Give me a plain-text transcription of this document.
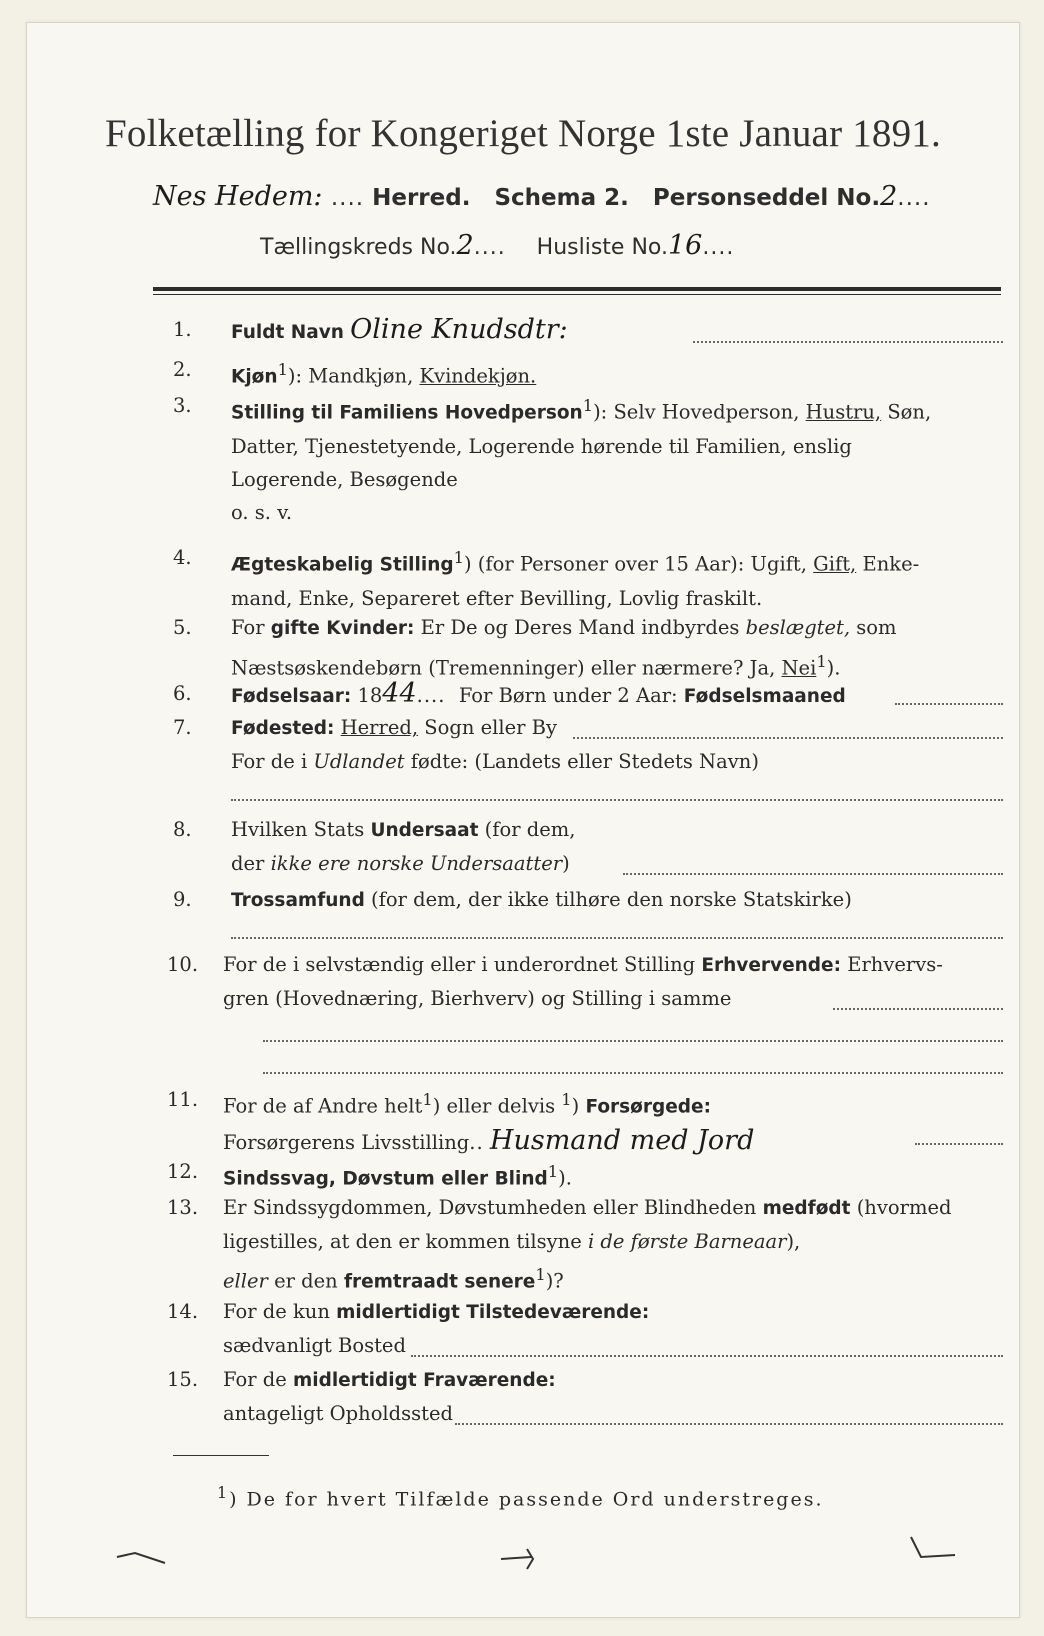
Folketælling for Kongeriget Norge 1ste Januar 1891.
Nes Hedem: .... Herred. Schema 2. Personseddel No.2....
Tællingskreds No.2....    Husliste No.16....
1.	Fuldt Navn Oline Knudsdtr:
2.	Kjøn$^1$): Mandkjøn, Kvindekjøn.
3.	Stilling til Familiens Hovedperson$^1$): Selv Hovedperson, Hustru, Søn,
Datter, Tjenestetyende, Logerende hørende til Familien, enslig
Logerende, Besøgende
o. s. v.
4.	Ægteskabelig Stilling$^1$) (for Personer over 15 Aar): Ugift, Gift, Enke-
mand, Enke, Separeret efter Bevilling, Lovlig fraskilt.
5.	For gifte Kvinder: Er De og Deres Mand indbyrdes beslægtet, som
Næstsøskendebørn (Tremenninger) eller nærmere? Ja, Nei$^1$).
6.	Fødselsaar: 1844....  For Børn under 2 Aar: Fødselsmaaned
7.	Fødested: Herred, Sogn eller By
For de i Udlandet fødte: (Landets eller Stedets Navn)
8.	Hvilken Stats Undersaat (for dem,
der ikke ere norske Undersaatter)
9.	Trossamfund (for dem, der ikke tilhøre den norske Statskirke)
10.	For de i selvstændig eller i underordnet Stilling Erhvervende: Erhvervs-
gren (Hovednæring, Bierhverv) og Stilling i samme
11.	For de af Andre helt$^1$) eller delvis $^1$) Forsørgede:
Forsørgerens Livsstilling.. Husmand med Jord
12.	Sindssvag, Døvstum eller Blind$^1$).
13.	Er Sindssygdommen, Døvstumheden eller Blindheden medfødt (hvormed
ligestilles, at den er kommen tilsyne i de første Barneaar),
eller er den fremtraadt senere$^1$)?
14.	For de kun midlertidigt Tilstedeværende:
sædvanligt Bosted
15.	For de midlertidigt Fraværende:
antageligt Opholdssted
$^1$) De for hvert Tilfælde passende Ord understreges.
